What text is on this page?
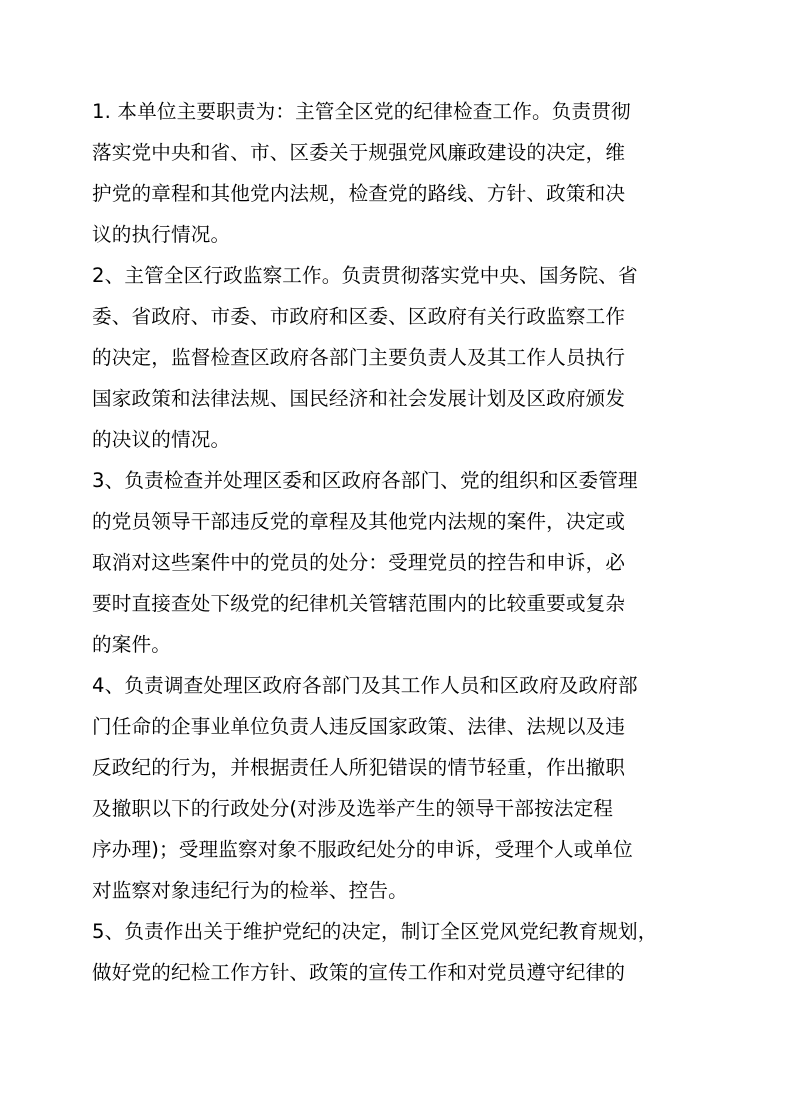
1. 本单位主要职责为：主管全区党的纪律检查工作。负责贯彻
落实党中央和省、市、区委关于规强党风廉政建设的决定，维
护党的章程和其他党内法规，检查党的路线、方针、政策和决
议的执行情况。

2、主管全区行政监察工作。负责贯彻落实党中央、国务院、省
委、省政府、市委、市政府和区委、区政府有关行政监察工作
的决定，监督检查区政府各部门主要负责人及其工作人员执行
国家政策和法律法规、国民经济和社会发展计划及区政府颁发
的决议的情况。

3、负责检查并处理区委和区政府各部门、党的组织和区委管理
的党员领导干部违反党的章程及其他党内法规的案件，决定或
取消对这些案件中的党员的处分：受理党员的控告和申诉，必
要时直接查处下级党的纪律机关管辖范围内的比较重要或复杂
的案件。

4、负责调查处理区政府各部门及其工作人员和区政府及政府部
门任命的企事业单位负责人违反国家政策、法律、法规以及违
反政纪的行为，并根据责任人所犯错误的情节轻重，作出撤职
及撤职以下的行政处分(对涉及选举产生的领导干部按法定程
序办理)；受理监察对象不服政纪处分的申诉，受理个人或单位
对监察对象违纪行为的检举、控告。

5、负责作出关于维护党纪的决定，制订全区党风党纪教育规划，
做好党的纪检工作方针、政策的宣传工作和对党员遵守纪律的
